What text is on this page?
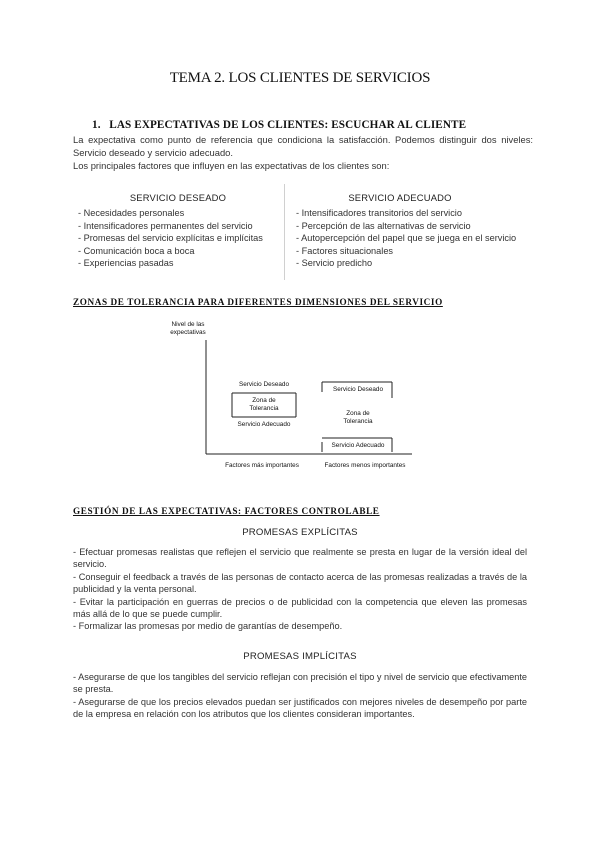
TEMA 2. LOS CLIENTES DE SERVICIOS
1. LAS EXPECTATIVAS DE LOS CLIENTES: ESCUCHAR AL CLIENTE
La expectativa como punto de referencia que condiciona la satisfacción. Podemos distinguir dos niveles:
Servicio deseado y servicio adecuado.
Los principales factores que influyen en las expectativas de los clientes son:
SERVICIO DESEADO
- Necesidades personales
- Intensificadores permanentes del servicio
- Promesas del servicio explícitas e implícitas
- Comunicación boca a boca
- Experiencias pasadas
SERVICIO ADECUADO
- Intensificadores transitorios del servicio
- Percepción de las alternativas de servicio
- Autopercepción del papel que se juega en el servicio
- Factores situacionales
- Servicio predicho
ZONAS DE TOLERANCIA PARA DIFERENTES DIMENSIONES DEL SERVICIO
Nivel de las
expectativas
Servicio Deseado
Zona de
Tolerancia
Servicio Adecuado
Servicio Deseado
Zona de
Tolerancia
Servicio Adecuado
Factores más importantes	Factores menos importantes
GESTIÓN DE LAS EXPECTATIVAS: FACTORES CONTROLABLE
PROMESAS EXPLÍCITAS

- Efectuar promesas realistas que reflejen el servicio que realmente se presta en lugar de la versión ideal del servicio.

- Conseguir el feedback a través de las personas de contacto acerca de las promesas realizadas a través de la publicidad y la venta personal.

- Evitar la participación en guerras de precios o de publicidad con la competencia que eleven las promesas más allá de lo que se puede cumplir.

- Formalizar las promesas por medio de garantías de desempeño.

PROMESAS IMPLÍCITAS

- Asegurarse de que los tangibles del servicio reflejan con precisión el tipo y nivel de servicio que efectivamente se presta.

- Asegurarse de que los precios elevados puedan ser justificados con mejores niveles de desempeño por parte de la empresa en relación con los atributos que los clientes consideran importantes.
